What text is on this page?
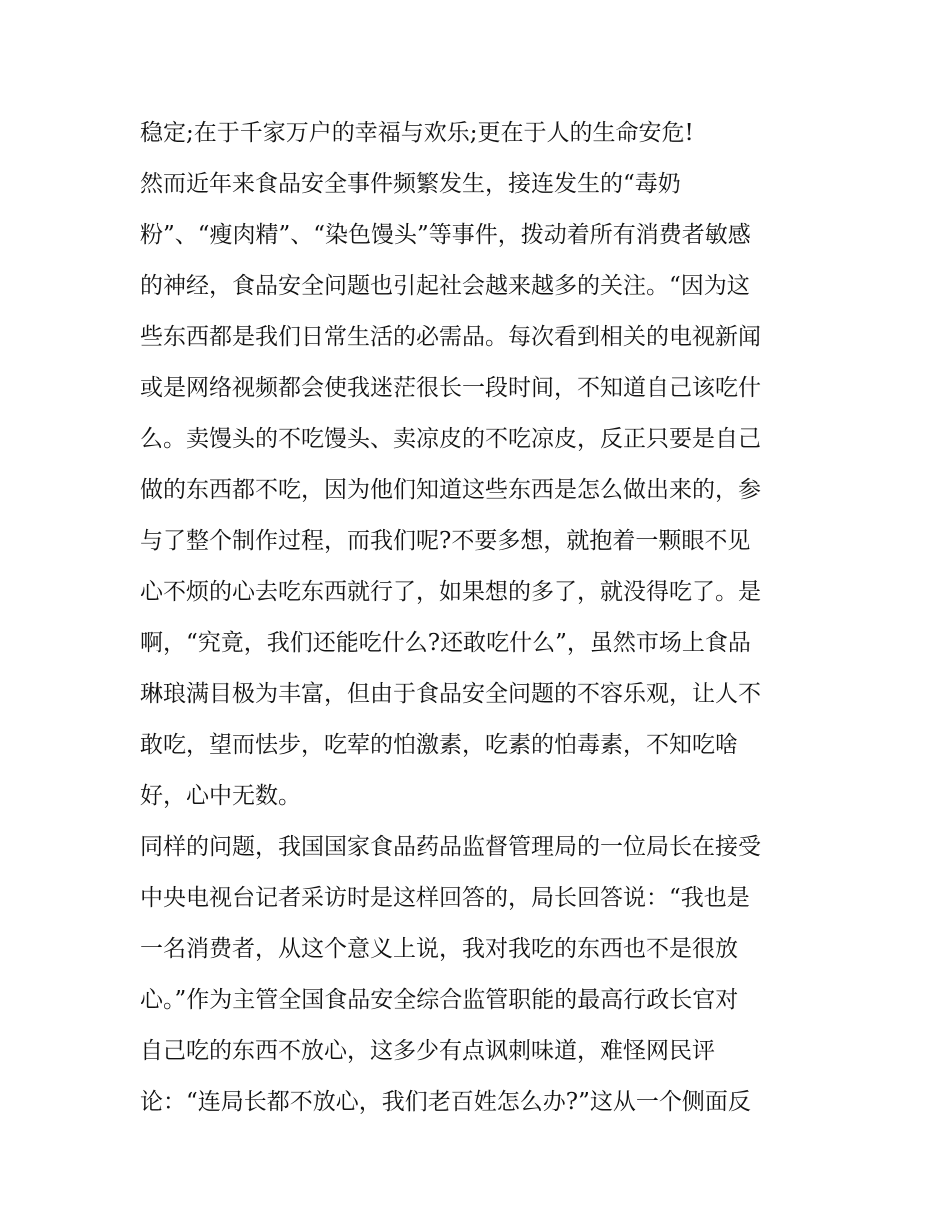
稳定;在于千家万户的幸福与欢乐;更在于人的生命安危!
然而近年来食品安全事件频繁发生，接连发生的“毒奶
粉”、“瘦肉精”、“染色馒头”等事件，拨动着所有消费者敏感
的神经，食品安全问题也引起社会越来越多的关注。“因为这
些东西都是我们日常生活的必需品。每次看到相关的电视新闻
或是网络视频都会使我迷茫很长一段时间，不知道自己该吃什
么。卖馒头的不吃馒头、卖凉皮的不吃凉皮，反正只要是自己
做的东西都不吃，因为他们知道这些东西是怎么做出来的，参
与了整个制作过程，而我们呢?不要多想，就抱着一颗眼不见
心不烦的心去吃东西就行了，如果想的多了，就没得吃了。是
啊，“究竟，我们还能吃什么?还敢吃什么”，虽然市场上食品
琳琅满目极为丰富，但由于食品安全问题的不容乐观，让人不
敢吃，望而怯步，吃荤的怕激素，吃素的怕毒素，不知吃啥
好，心中无数。
同样的问题，我国国家食品药品监督管理局的一位局长在接受
中央电视台记者采访时是这样回答的，局长回答说：“我也是
一名消费者，从这个意义上说，我对我吃的东西也不是很放
心。”作为主管全国食品安全综合监管职能的最高行政长官对
自己吃的东西不放心，这多少有点讽刺味道，难怪网民评
论：“连局长都不放心，我们老百姓怎么办?”这从一个侧面反
